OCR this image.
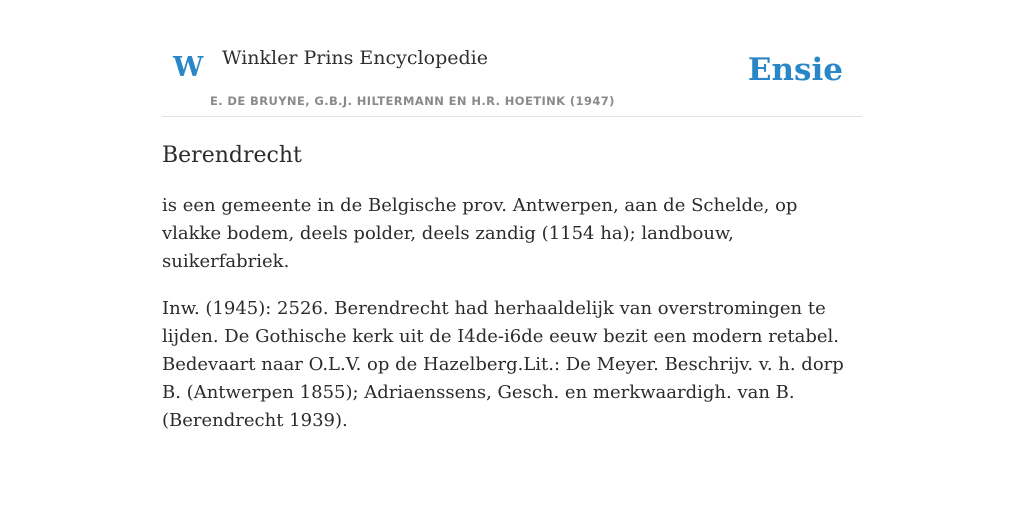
W Winkler Prins Encyclopedie
E. DE BRUYNE, G.B.J. HILTERMANN EN H.R. HOETINK (1947)
Ensie
Berendrecht

is een gemeente in de Belgische prov. Antwerpen, aan de Schelde, op vlakke bodem, deels polder, deels zandig (1154 ha); landbouw, suikerfabriek.

Inw. (1945): 2526. Berendrecht had herhaaldelijk van overstromingen te lijden. De Gothische kerk uit de I4de-i6de eeuw bezit een modern retabel. Bedevaart naar O.L.V. op de Hazelberg.Lit.: De Meyer. Beschrijv. v. h. dorp B. (Antwerpen 1855); Adriaenssens, Gesch. en merkwaardigh. van B. (Berendrecht 1939).
